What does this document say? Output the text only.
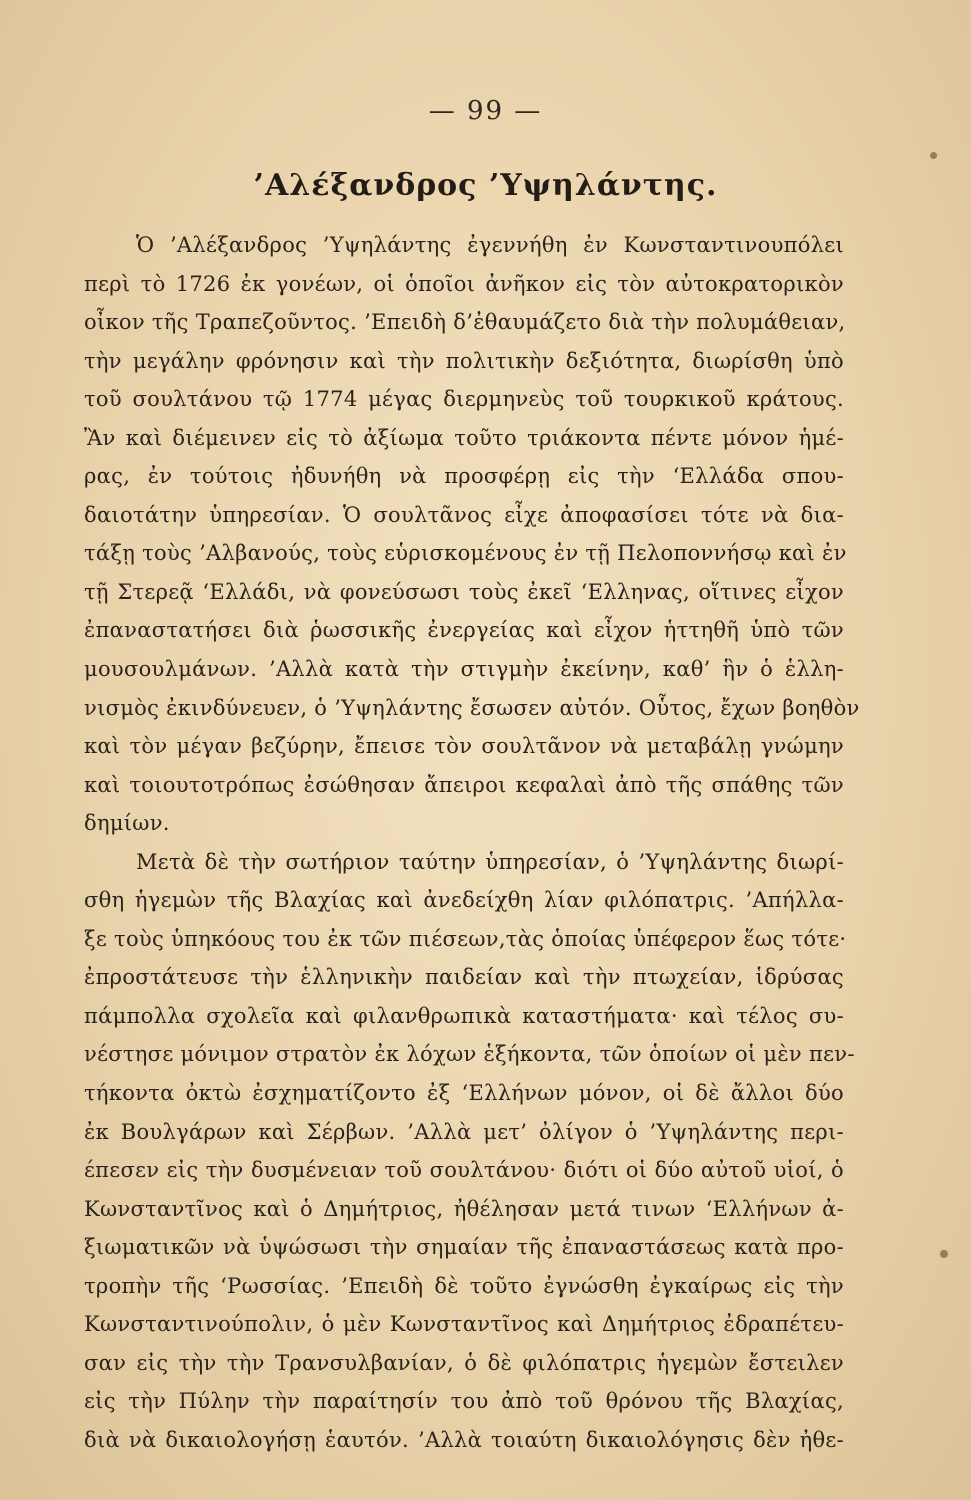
— 99 —
’Αλέξανδρος ’Υψηλάντης.
Ὁ ’Αλέξανδρος ’Υψηλάντης ἐγεννήθη ἐν Κωνσταντινουπόλει
περὶ τὸ 1726 ἐκ γονέων, οἱ ὁποῖοι ἀνῆκον εἰς τὸν αὐτοκρατορικὸν
οἶκον τῆς Τραπεζοῦντος. ’Επειδὴ δ’ἐθαυμάζετο διὰ τὴν πολυμάθειαν,
τὴν μεγάλην φρόνησιν καὶ τὴν πολιτικὴν δεξιότητα, διωρίσθη ὑπὸ
τοῦ σουλτάνου τῷ 1774 μέγας διερμηνεὺς τοῦ τουρκικοῦ κράτους.
Ἂν καὶ διέμεινεν εἰς τὸ ἀξίωμα τοῦτο τριάκοντα πέντε μόνον ἡμέ-
ρας, ἐν τούτοις ἠδυνήθη νὰ προσφέρῃ εἰς τὴν ‘Ελλάδα σπου-
δαιοτάτην ὑπηρεσίαν. Ὁ σουλτᾶνος εἶχε ἀποφασίσει τότε νὰ δια-
τάξῃ τοὺς ’Αλβανούς, τοὺς εὑρισκομένους ἐν τῇ Πελοποννήσῳ καὶ ἐν
τῇ Στερεᾷ ‘Ελλάδι, νὰ φονεύσωσι τοὺς ἐκεῖ ‘Ελληνας, οἵτινες εἶχον
ἐπαναστατήσει διὰ ῥωσσικῆς ἐνεργείας καὶ εἶχον ἡττηθῆ ὑπὸ τῶν
μουσουλμάνων. ’Αλλὰ κατὰ τὴν στιγμὴν ἐκείνην, καθ’ ἣν ὁ ἑλλη-
νισμὸς ἐκινδύνευεν, ὁ ’Υψηλάντης ἔσωσεν αὐτόν. Οὗτος, ἔχων βοηθὸν
καὶ τὸν μέγαν βεζύρην, ἔπεισε τὸν σουλτᾶνον νὰ μεταβάλῃ γνώμην
καὶ τοιουτοτρόπως ἐσώθησαν ἄπειροι κεφαλαὶ ἀπὸ τῆς σπάθης τῶν
δημίων.
Μετὰ δὲ τὴν σωτήριον ταύτην ὑπηρεσίαν, ὁ ’Υψηλάντης διωρί-
σθη ἡγεμὼν τῆς Βλαχίας καὶ ἀνεδείχθη λίαν φιλόπατρις. ’Απήλλα-
ξε τοὺς ὑπηκόους του ἐκ τῶν πιέσεων,τὰς ὁποίας ὑπέφερον ἕως τότε·
ἐπροστάτευσε τὴν ἑλληνικὴν παιδείαν καὶ τὴν πτωχείαν, ἱδρύσας
πάμπολλα σχολεῖα καὶ φιλανθρωπικὰ καταστήματα· καὶ τέλος συ-
νέστησε μόνιμον στρατὸν ἐκ λόχων ἑξήκοντα, τῶν ὁποίων οἱ μὲν πεν-
τήκοντα ὀκτὼ ἐσχηματίζοντο ἐξ ‘Ελλήνων μόνον, οἱ δὲ ἄλλοι δύο
ἐκ Βουλγάρων καὶ Σέρβων. ’Αλλὰ μετ’ ὀλίγον ὁ ’Υψηλάντης περι-
έπεσεν εἰς τὴν δυσμένειαν τοῦ σουλτάνου· διότι οἱ δύο αὐτοῦ υἱοί, ὁ
Κωνσταντῖνος καὶ ὁ Δημήτριος, ἠθέλησαν μετά τινων ‘Ελλήνων ἀ-
ξιωματικῶν νὰ ὑψώσωσι τὴν σημαίαν τῆς ἐπαναστάσεως κατὰ προ-
τροπὴν τῆς ‘Ρωσσίας. ’Επειδὴ δὲ τοῦτο ἐγνώσθη ἐγκαίρως εἰς τὴν
Κωνσταντινούπολιν, ὁ μὲν Κωνσταντῖνος καὶ Δημήτριος ἐδραπέτευ-
σαν εἰς τὴν τὴν Τρανσυλβανίαν, ὁ δὲ φιλόπατρις ἡγεμὼν ἔστειλεν
εἰς τὴν Πύλην τὴν παραίτησίν του ἀπὸ τοῦ θρόνου τῆς Βλαχίας,
διὰ νὰ δικαιολογήσῃ ἑαυτόν. ’Αλλὰ τοιαύτη δικαιολόγησις δὲν ἠθε-
